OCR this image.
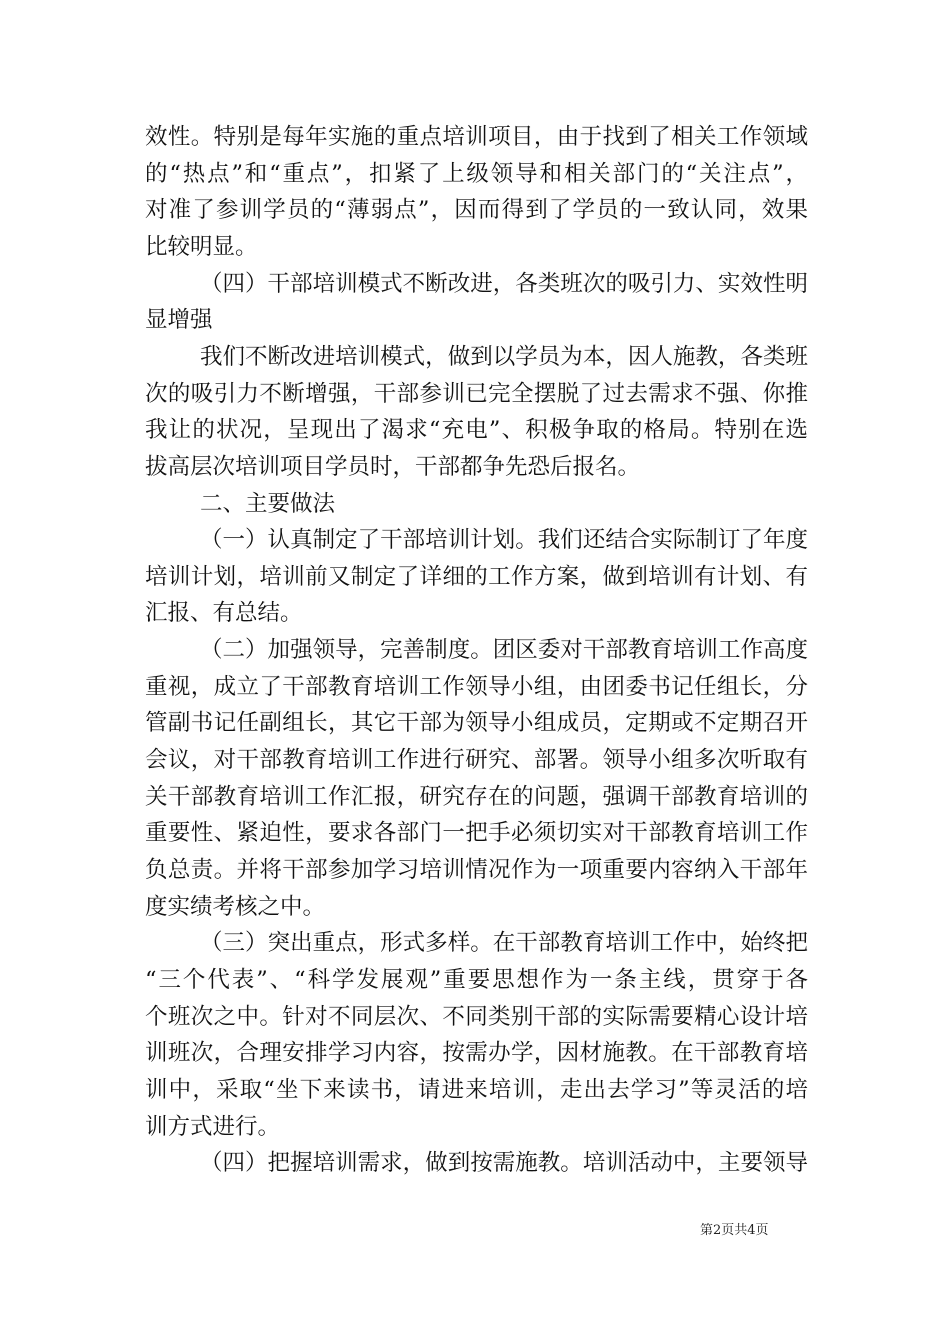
效性。特别是每年实施的重点培训项目，由于找到了相关工作领域
的“热点”和“重点”，扣紧了上级领导和相关部门的“关注点”，
对准了参训学员的“薄弱点”，因而得到了学员的一致认同，效果
比较明显。
（四）干部培训模式不断改进，各类班次的吸引力、实效性明
显增强
我们不断改进培训模式，做到以学员为本，因人施教，各类班
次的吸引力不断增强，干部参训已完全摆脱了过去需求不强、你推
我让的状况，呈现出了渴求“充电”、积极争取的格局。特别在选
拔高层次培训项目学员时，干部都争先恐后报名。
二、主要做法
（一）认真制定了干部培训计划。我们还结合实际制订了年度
培训计划，培训前又制定了详细的工作方案，做到培训有计划、有
汇报、有总结。
（二）加强领导，完善制度。团区委对干部教育培训工作高度
重视，成立了干部教育培训工作领导小组，由团委书记任组长，分
管副书记任副组长，其它干部为领导小组成员，定期或不定期召开
会议，对干部教育培训工作进行研究、部署。领导小组多次听取有
关干部教育培训工作汇报，研究存在的问题，强调干部教育培训的
重要性、紧迫性，要求各部门一把手必须切实对干部教育培训工作
负总责。并将干部参加学习培训情况作为一项重要内容纳入干部年
度实绩考核之中。
（三）突出重点，形式多样。在干部教育培训工作中，始终把
“三个代表”、“科学发展观”重要思想作为一条主线，贯穿于各
个班次之中。针对不同层次、不同类别干部的实际需要精心设计培
训班次，合理安排学习内容，按需办学，因材施教。在干部教育培
训中，采取“坐下来读书，请进来培训，走出去学习”等灵活的培
训方式进行。
（四）把握培训需求，做到按需施教。培训活动中，主要领导
第2页共4页
